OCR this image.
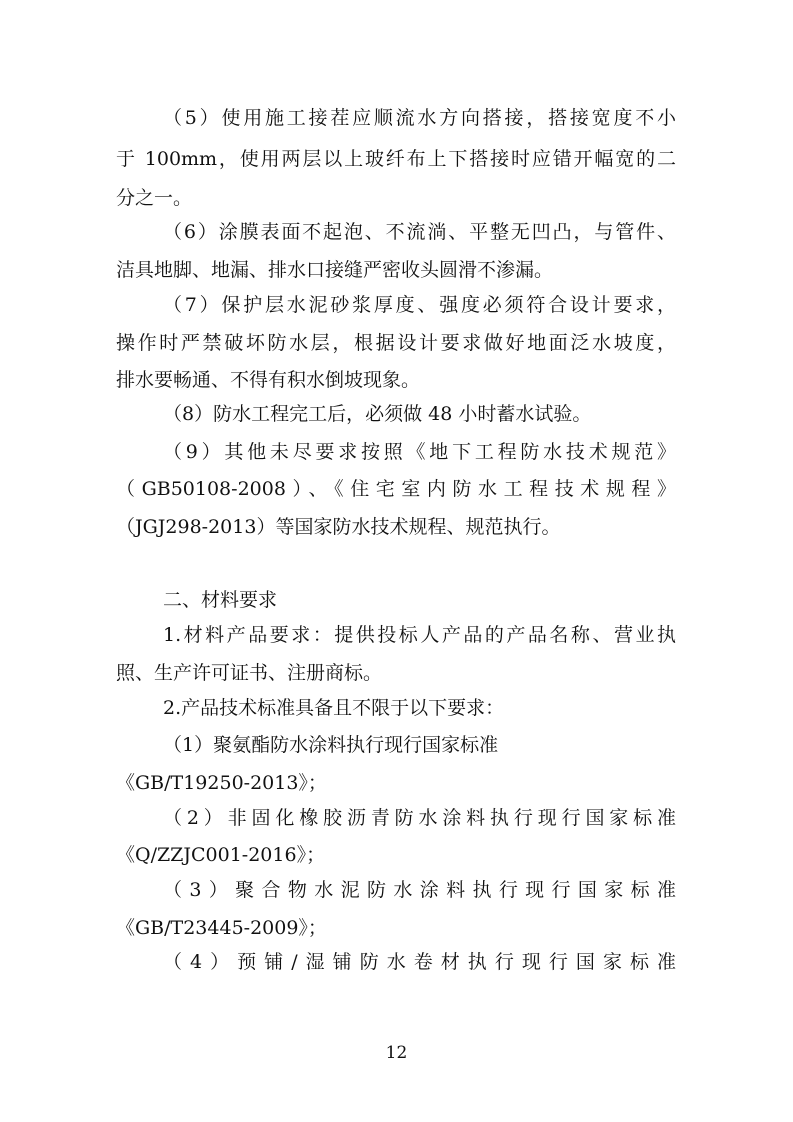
（5）使用施工接茬应顺流水方向搭接，搭接宽度不小
于 100mm，使用两层以上玻纤布上下搭接时应错开幅宽的二
分之一。
（6）涂膜表面不起泡、不流淌、平整无凹凸，与管件、
洁具地脚、地漏、排水口接缝严密收头圆滑不渗漏。
（7）保护层水泥砂浆厚度、强度必须符合设计要求，
操作时严禁破坏防水层，根据设计要求做好地面泛水坡度，
排水要畅通、不得有积水倒坡现象。
（8）防水工程完工后，必须做 48 小时蓄水试验。
（9）其他未尽要求按照《地下工程防水技术规范》
（GB50108-2008）、《住宅室内防水工程技术规程》
（JGJ298-2013）等国家防水技术规程、规范执行。
二、材料要求
1.材料产品要求：提供投标人产品的产品名称、营业执
照、生产许可证书、注册商标。
2.产品技术标准具备且不限于以下要求：
（1）聚氨酯防水涂料执行现行国家标准
《GB/T19250-2013》；
（2）非固化橡胶沥青防水涂料执行现行国家标准
《Q/ZZJC001-2016》；
（3）聚合物水泥防水涂料执行现行国家标准
《GB/T23445-2009》；
（4）预铺/湿铺防水卷材执行现行国家标准
12
